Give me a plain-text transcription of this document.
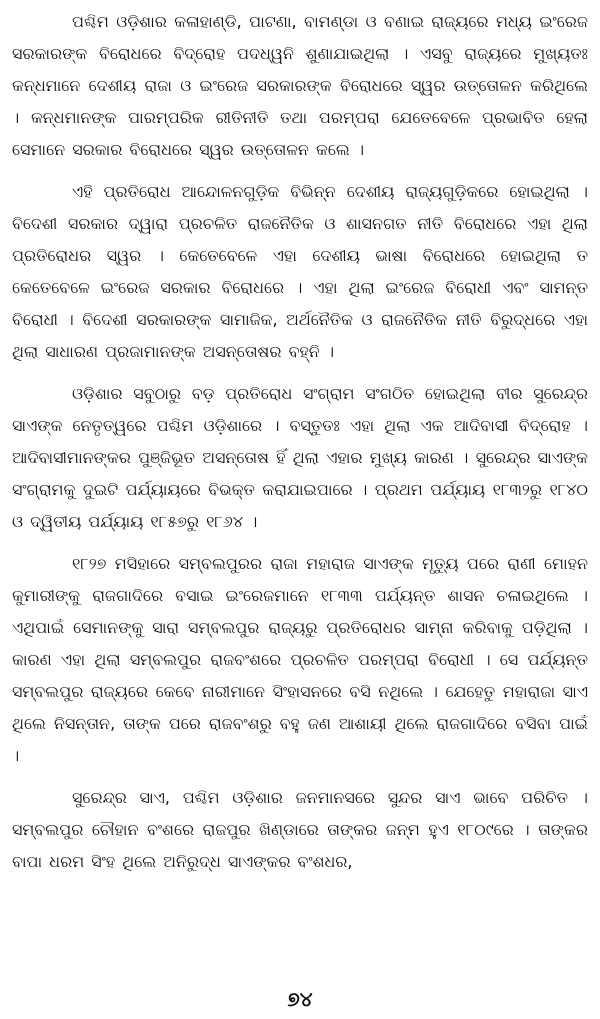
ପଶ୍ଚିମ ଓଡ଼ିଶାର କଳାହାଣ୍ଡି, ପାଟଣା, ବାମଣ୍ଡା ଓ ବଣାଇ ରାଜ୍ୟରେ ମଧ୍ୟ ଇଂରେଜ ସରକାରଙ୍କ ବିରୋଧରେ ବିଦ୍ରୋହ ପଦଧ୍ୱନି ଶୁଣାଯାଇଥିଲା । ଏସବୁ ରାଜ୍ୟରେ ମୁଖ୍ୟତଃ କନ୍ଧମାନେ ଦେଶୀୟ ରାଜା ଓ ଇଂରେଜ ସରକାରଙ୍କ ବିରୋଧରେ ସ୍ୱର ଉତ୍ତୋଳନ କରିଥିଲେ । କନ୍ଧମାନଙ୍କ ପାରମ୍ପରିକ ରୀତିନୀତି ତଥା ପରମ୍ପରା ଯେତେବେଳେ ପ୍ରଭାବିତ ହେଲା ସେମାନେ ସରକାର ବିରୋଧରେ ସ୍ୱର ଉତ୍ତୋଳନ କଲେ ।

ଏହି ପ୍ରତିରୋଧ ଆନ୍ଦୋଳନଗୁଡ଼ିକ ବିଭିନ୍ନ ଦେଶୀୟ ରାଜ୍ୟଗୁଡ଼ିକରେ ହୋଇଥିଲା । ବିଦେଶୀ ସରକାର ଦ୍ୱାରା ପ୍ରଚଳିତ ରାଜନୈତିକ ଓ ଶାସନଗତ ନୀତି ବିରୋଧରେ ଏହା ଥିଲା ପ୍ରତିରୋଧର ସ୍ୱର । କେତେବେଳେ ଏହା ଦେଶୀୟ ଭାଷା ବିରୋଧରେ ହୋଇଥିଲା ତ କେତେବେଳେ ଇଂରେଜ ସରକାର ବିରୋଧରେ । ଏହା ଥିଲା ଇଂରେଜ ବିରୋଧୀ ଏବଂ ସାମନ୍ତ ବିରୋଧୀ । ବିଦେଶୀ ସରକାରଙ୍କ ସାମାଜିକ, ଅର୍ଥନୈତିକ ଓ ରାଜନୈତିକ ନୀତି ବିରୁଦ୍ଧରେ ଏହା ଥିଲା ସାଧାରଣ ପ୍ରଜାମାନଙ୍କ ଅସନ୍ତୋଷର ବହ୍ନି ।

ଓଡ଼ିଶାର ସବୁଠାରୁ ବଡ଼ ପ୍ରତିରୋଧ ସଂଗ୍ରାମ ସଂଗଠିତ ହୋଇଥିଲା ବୀର ସୁରେନ୍ଦ୍ର ସାଏଙ୍କ ନେତୃତ୍ୱରେ ପଶ୍ଚିମ ଓଡ଼ିଶାରେ । ବସ୍ତୁତଃ ଏହା ଥିଲା ଏକ ଆଦିବାସୀ ବିଦ୍ରୋହ । ଆଦିବାସୀମାନଙ୍କର ପୁଞ୍ଜିଭୂତ ଅସନ୍ତୋଷ ହିଁ ଥିଲା ଏହାର ମୁଖ୍ୟ କାରଣ । ସୁରେନ୍ଦ୍ର ସାଏଙ୍କ ସଂଗ୍ରାମକୁ ଦୁଇଟି ପର୍ଯ୍ୟାୟରେ ବିଭକ୍ତ କରାଯାଇପାରେ । ପ୍ରଥମ ପର୍ଯ୍ୟାୟ ୧୮୩୨ରୁ ୧୮୪୦ ଓ ଦ୍ୱିତୀୟ ପର୍ଯ୍ୟାୟ ୧୮୫୭ରୁ ୧୮୬୪ ।

୧୮୨୭ ମସିହାରେ ସମ୍ବଲପୁରର ରାଜା ମହାରାଜ ସାଏଙ୍କ ମୃତ୍ୟୁ ପରେ ରାଣୀ ମୋହନ କୁମାରୀଙ୍କୁ ରାଜଗାଦିରେ ବସାଇ ଇଂରେଜମାନେ ୧୮୩୩ ପର୍ଯ୍ୟନ୍ତ ଶାସନ ଚଳାଇଥିଲେ । ଏଥିପାଇଁ ସେମାନଙ୍କୁ ସାରା ସମ୍ବଲପୁର ରାଜ୍ୟରୁ ପ୍ରତିରୋଧର ସାମ୍ନା କରିବାକୁ ପଡ଼ିଥିଲା । କାରଣ ଏହା ଥିଲା ସମ୍ବଲପୁର ରାଜବଂଶରେ ପ୍ରଚଳିତ ପରମ୍ପରା ବିରୋଧୀ । ସେ ପର୍ଯ୍ୟନ୍ତ ସମ୍ବଲପୁର ରାଜ୍ୟରେ କେବେ ନାରୀମାନେ ସିଂହାସନରେ ବସି ନଥିଲେ । ଯେହେତୁ ମହାରାଜା ସାଏ ଥିଲେ ନିସନ୍ତାନ, ତାଙ୍କ ପରେ ରାଜବଂଶରୁ ବହୁ ଜଣ ଆଶାୟୀ ଥିଲେ ରାଜଗାଦିରେ ବସିବା ପାଇଁ ।

ସୁରେନ୍ଦ୍ର ସାଏ, ପଶ୍ଚିମ ଓଡ଼ିଶାର ଜନମାନସରେ ସୁନ୍ଦର ସାଏ ଭାବେ ପରିଚିତ । ସମ୍ବଲପୁର ଚୌହାନ ବଂଶରେ ରାଜପୁର ଖିଣ୍ଡାରେ ତାଙ୍କର ଜନ୍ମ ହୁଏ ୧୮୦୯ରେ । ତାଙ୍କର ବାପା ଧରମ ସିଂହ ଥିଲେ ଅନିରୁଦ୍ଧ ସାଏଙ୍କର ବଂଶଧର,

୭୪
